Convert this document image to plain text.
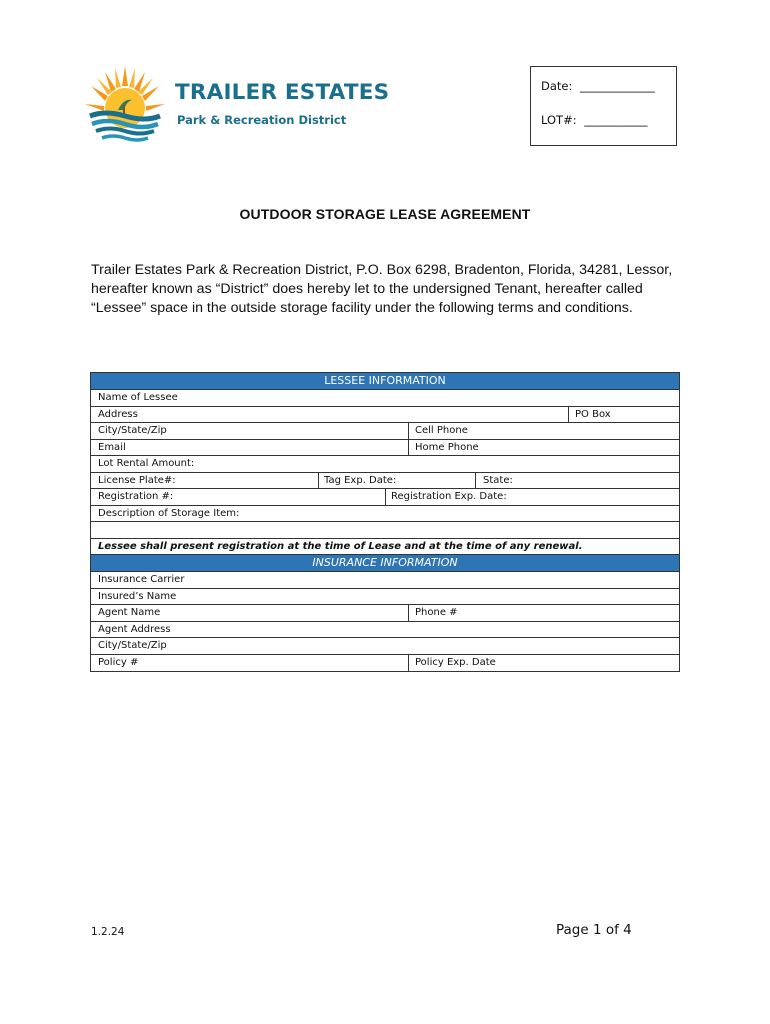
TRAILER ESTATES
Park & Recreation District
Date: _____________
LOT#: ___________
OUTDOOR STORAGE LEASE AGREEMENT
Trailer Estates Park & Recreation District, P.O. Box 6298, Bradenton, Florida, 34281, Lessor, hereafter known as “District” does hereby let to the undersigned Tenant, hereafter called “Lessee” space in the outside storage facility under the following terms and conditions.
LESSEE INFORMATION
Name of Lessee
Address	PO Box
City/State/Zip	Cell Phone
Email	Home Phone
Lot Rental Amount:
License Plate#:	Tag Exp. Date:	State:
Registration #:	Registration Exp. Date:
Description of Storage Item:
Lessee shall present registration at the time of Lease and at the time of any renewal.
INSURANCE INFORMATION
Insurance Carrier
Insured’s Name
Agent Name	Phone #
Agent Address
City/State/Zip
Policy #	Policy Exp. Date
1.2.24	Page 1 of 4
